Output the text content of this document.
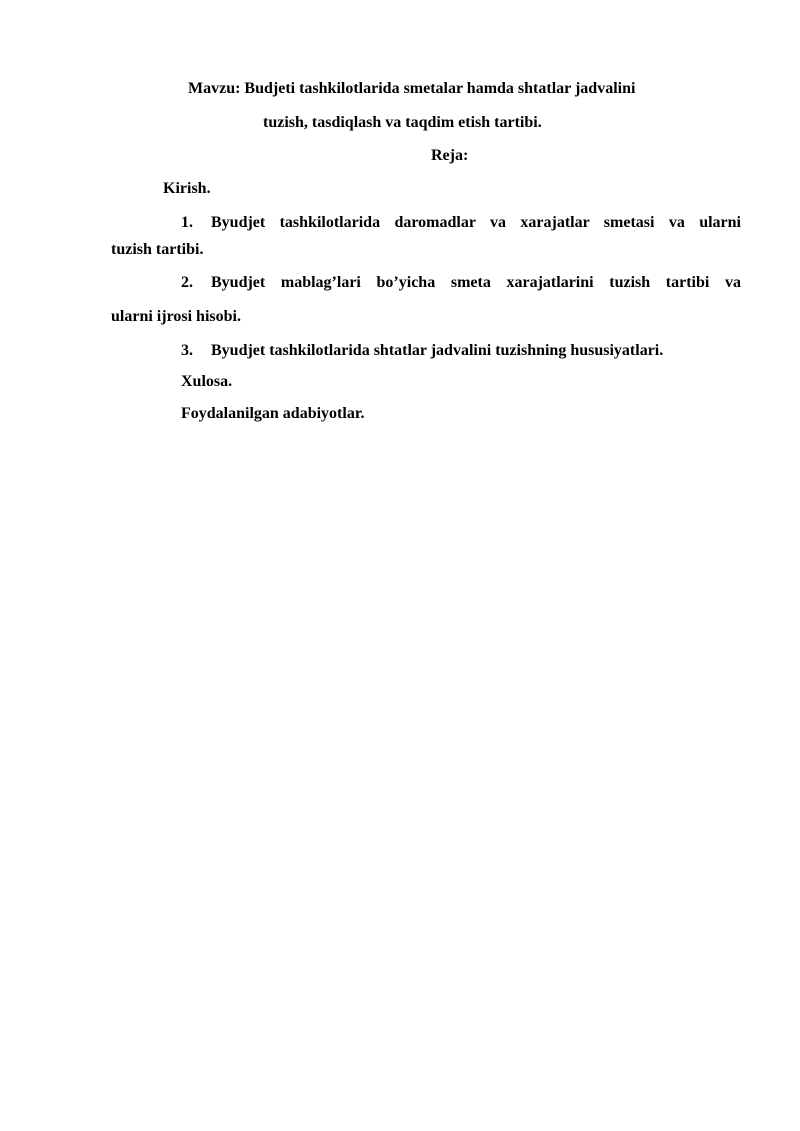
Mavzu: Budjeti tashkilotlarida smetalar hamda shtatlar jadvalini
tuzish, tasdiqlash va taqdim etish tartibi.
Reja:
Kirish.
1.	Byudjet tashkilotlarida daromadlar va xarajatlar smetasi va ularni
tuzish tartibi.
2.	Byudjet mablag’lari bo’yicha smeta xarajatlarini tuzish tartibi va
ularni ijrosi hisobi.
3.	Byudjet tashkilotlarida shtatlar jadvalini tuzishning hususiyatlari.
Xulosa.
Foydalanilgan adabiyotlar.
